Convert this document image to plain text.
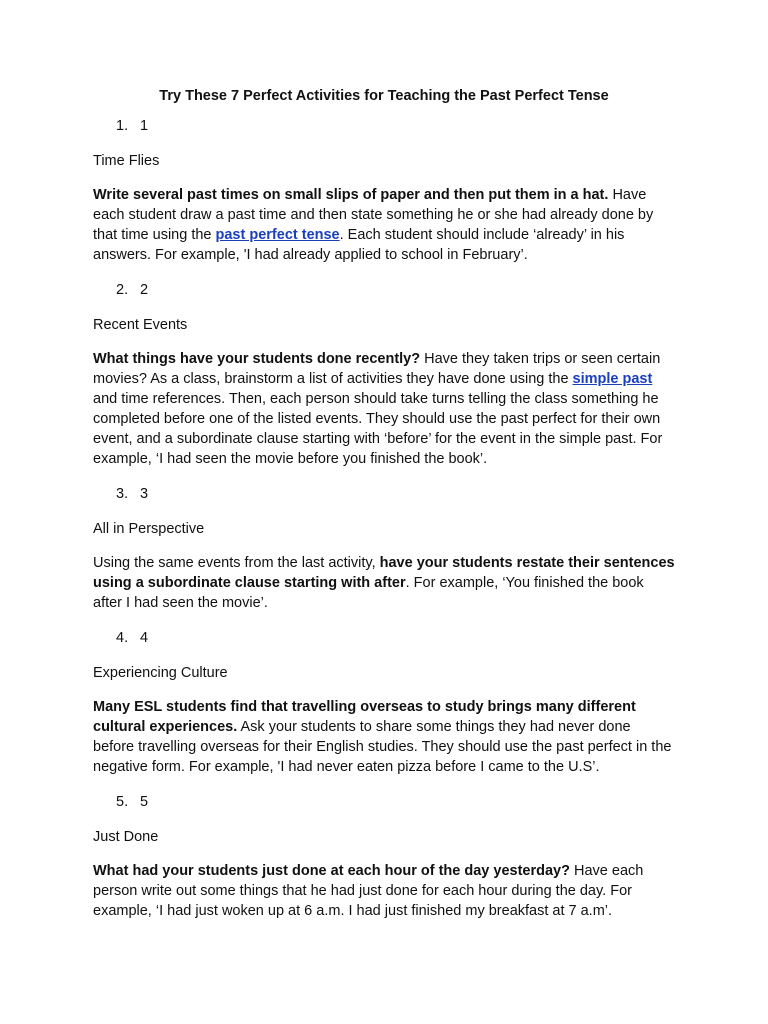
Try These 7 Perfect Activities for Teaching the Past Perfect Tense
1. 1
Time Flies

Write several past times on small slips of paper and then put them in a hat. Have each student draw a past time and then state something he or she had already done by that time using the past perfect tense. Each student should include ‘already’ in his answers. For example, 'I had already applied to school in February’.

2. 2
Recent Events

What things have your students done recently? Have they taken trips or seen certain movies? As a class, brainstorm a list of activities they have done using the simple past and time references. Then, each person should take turns telling the class something he completed before one of the listed events. They should use the past perfect for their own event, and a subordinate clause starting with ‘before’ for the event in the simple past. For example, ‘I had seen the movie before you finished the book’.

3. 3
All in Perspective

Using the same events from the last activity, have your students restate their sentences using a subordinate clause starting with after. For example, ‘You finished the book after I had seen the movie’.

4. 4
Experiencing Culture

Many ESL students find that travelling overseas to study brings many different cultural experiences. Ask your students to share some things they had never done before travelling overseas for their English studies. They should use the past perfect in the negative form. For example, 'I had never eaten pizza before I came to the U.S’.

5. 5
Just Done

What had your students just done at each hour of the day yesterday? Have each person write out some things that he had just done for each hour during the day. For example, ‘I had just woken up at 6 a.m. I had just finished my breakfast at 7 a.m’.
